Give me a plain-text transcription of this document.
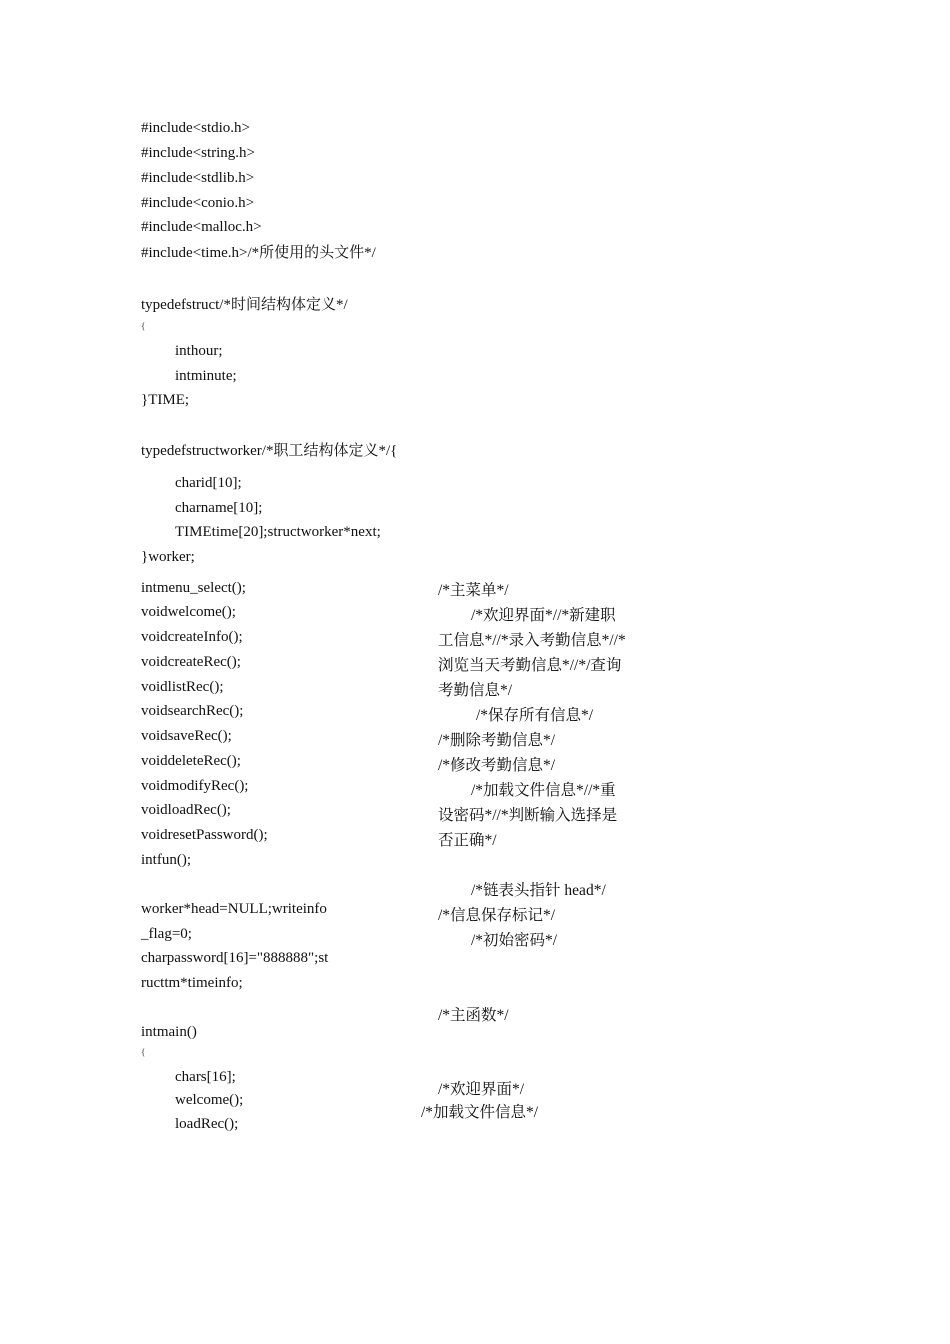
#include<stdio.h>
#include<string.h>
#include<stdlib.h>
#include<conio.h>
#include<malloc.h>
#include<time.h>/*所使用的头文件*/
typedefstruct/*时间结构体定义*/
{
inthour;
intminute;
}TIME;
typedefstructworker/*职工结构体定义*/{
charid[10];
charname[10];
TIMEtime[20];structworker*next;
}worker;
intmenu_select();
voidwelcome();
voidcreateInfo();
voidcreateRec();
voidlistRec();
voidsearchRec();
voidsaveRec();
voiddeleteRec();
voidmodifyRec();
voidloadRec();
voidresetPassword();
intfun();
/*主菜单*/
/*欢迎界面*//*新建职
工信息*//*录入考勤信息*//*
浏览当天考勤信息*//*/查询
考勤信息*/
/*保存所有信息*/
/*删除考勤信息*/
/*修改考勤信息*/
/*加载文件信息*//*重
设密码*//*判断输入选择是
否正确*/
worker*head=NULL;writeinfo
_flag=0;
charpassword[16]="888888";st
ructtm*timeinfo;
/*链表头指针 head*/
/*信息保存标记*/
/*初始密码*/
/*主函数*/
intmain()
{
chars[16];
welcome();
loadRec();
/*欢迎界面*/
/*加载文件信息*/
